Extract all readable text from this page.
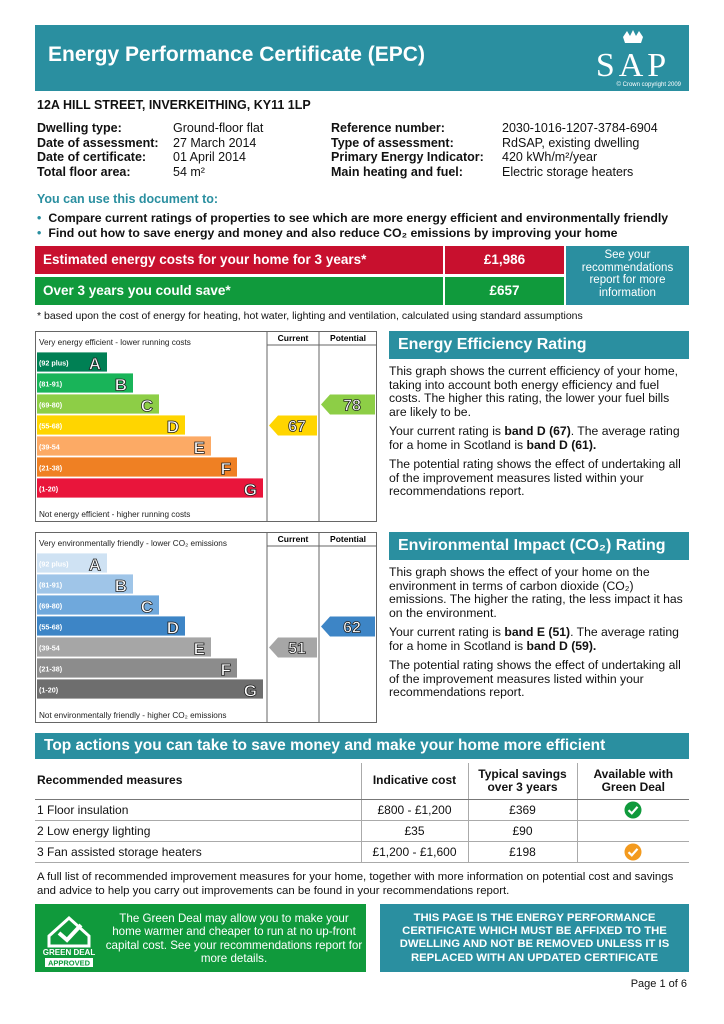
Energy Performance Certificate (EPC)	SAP
© Crown copyright 2009
12A HILL STREET, INVERKEITHING, KY11 1LP
Dwelling type:	Ground-floor flat
Date of assessment:	27 March 2014
Date of certificate:	01 April 2014
Total floor area:	54 m²
Reference number:	2030-1016-1207-3784-6904
Type of assessment:	RdSAP, existing dwelling
Primary Energy Indicator:	420 kWh/m²/year
Main heating and fuel:	Electric storage heaters
You can use this document to:
• Compare current ratings of properties to see which are more energy efficient and environmentally friendly
• Find out how to save energy and money and also reduce CO₂ emissions by improving your home
Estimated energy costs for your home for 3 years*	£1,986
Over 3 years you could save*	£657
See your recommendations report for more information
* based upon the cost of energy for heating, hot water, lighting and ventilation, calculated using standard assumptions
Current	Potential
Very energy efficient - lower running costs
Not energy efficient - higher running costs
(92 plus) A
(81-91)	B
(69-80)	C
(55-68)	D
(39-54	E
(21-38)	F
(1-20)	G
67
78
Current	Potential
Very environmentally friendly - lower CO₂ emissions
Not environmentally friendly - higher CO₂ emissions
(92 plus) A
(81-91)	B
(69-80)	C
(55-68)	D
(39-54	E
(21-38)	F
(1-20)	G
51
62
Energy Efficiency Rating

This graph shows the current efficiency of your home, taking into account both energy efficiency and fuel costs. The higher this rating, the lower your fuel bills are likely to be.

Your current rating is band D (67). The average rating for a home in Scotland is band D (61).

The potential rating shows the effect of undertaking all of the improvement measures listed within your recommendations report.

Environmental Impact (CO₂) Rating

This graph shows the effect of your home on the environment in terms of carbon dioxide (CO₂) emissions. The higher the rating, the less impact it has on the environment.

Your current rating is band E (51). The average rating for a home in Scotland is band D (59).

The potential rating shows the effect of undertaking all of the improvement measures listed within your recommendations report.

Top actions you can take to save money and make your home more efficient
Recommended measures	Indicative cost	Typical savings over 3 years	Available with Green Deal
1 Floor insulation	£800 - £1,200	£369	
2 Low energy lighting	£35	£90	
3 Fan assisted storage heaters	£1,200 - £1,600	£198	
A full list of recommended improvement measures for your home, together with more information on potential cost and savings and advice to help you carry out improvements can be found in your recommendations report.
GREEN DEAL
APPROVED
The Green Deal may allow you to make your home warmer and cheaper to run at no up-front capital cost. See your recommendations report for more details.
THIS PAGE IS THE ENERGY PERFORMANCE CERTIFICATE WHICH MUST BE AFFIXED TO THE DWELLING AND NOT BE REMOVED UNLESS IT IS REPLACED WITH AN UPDATED CERTIFICATE
Page 1 of 6
